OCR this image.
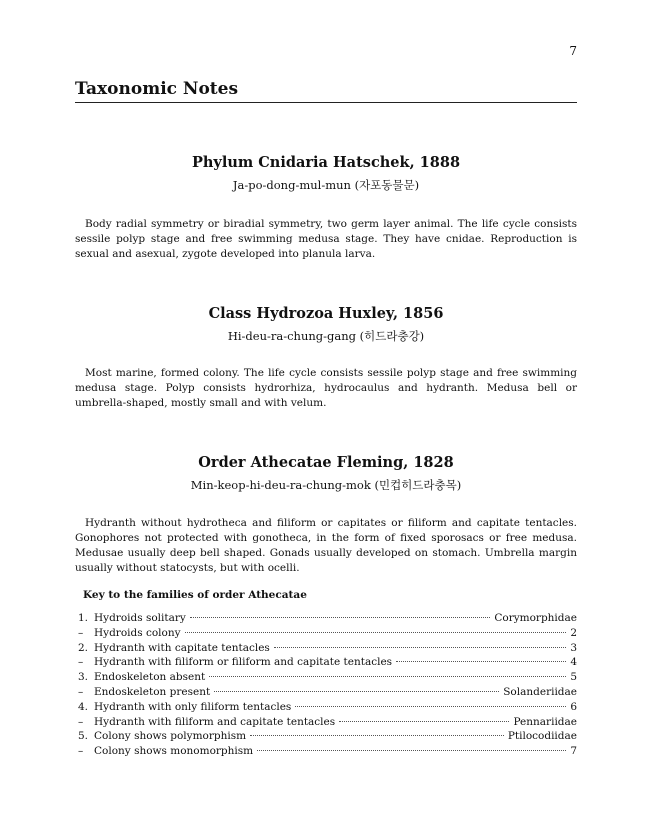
7
Taxonomic Notes

Phylum Cnidaria Hatschek, 1888

Ja-po-dong-mul-mun (자포동물문)

Body radial symmetry or biradial symmetry, two germ layer animal. The life cycle consists sessile polyp stage and free swimming medusa stage. They have cnidae. Reproduction is sexual and asexual, zygote developed into planula larva.

Class Hydrozoa Huxley, 1856

Hi-deu-ra-chung-gang (히드라충강)

Most marine, formed colony. The life cycle consists sessile polyp stage and free swimming medusa stage. Polyp consists hydrorhiza, hydrocaulus and hydranth. Medusa bell or umbrella-shaped, mostly small and with velum.

Order Athecatae Fleming, 1828

Min-keop-hi-deu-ra-chung-mok (민컵히드라충목)

Hydranth without hydrotheca and filiform or capitates or filiform and capitate tentacles. Gonophores not protected with gonotheca, in the form of fixed sporosacs or free medusa. Medusae usually deep bell shaped. Gonads usually developed on stomach. Umbrella margin usually without statocysts, but with ocelli.

Key to the families of order Athecatae

1. Hydroids solitary	Corymorphidae
–	Hydroids colony	2
2. Hydranth with capitate tentacles	3
–	Hydranth with filiform or filiform and capitate tentacles	4
3. Endoskeleton absent	5
–	Endoskeleton present	Solanderiidae
4. Hydranth with only filiform tentacles	6
–	Hydranth with filiform and capitate tentacles	Pennariidae
5. Colony shows polymorphism	Ptilocodiidae
–	Colony shows monomorphism	7
